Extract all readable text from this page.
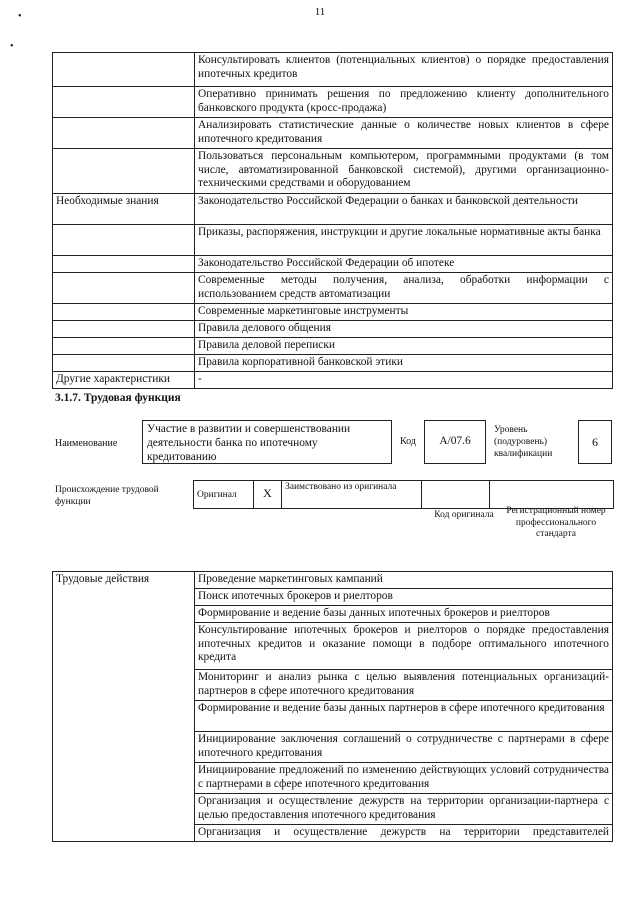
11
•
•
	Консультировать клиентов (потенциальных клиентов) о порядке предоставления ипотечных кредитов
	Оперативно принимать решения по предложению клиенту дополнительного банковского продукта (кросс-продажа)
	Анализировать статистические данные о количестве новых клиентов в сфере ипотечного кредитования
	Пользоваться персональным компьютером, программными продуктами (в том числе, автоматизированной банковской системой), другими организационно-техническими средствами и оборудованием
Необходимые знания	Законодательство Российской Федерации о банках и банковской деятельности
	Приказы, распоряжения, инструкции и другие локальные нормативные акты банка
	Законодательство Российской Федерации об ипотеке
	Современные методы получения, анализа, обработки информации с использованием средств автоматизации
	Современные маркетинговые инструменты
	Правила делового общения
	Правила деловой переписки
	Правила корпоративной банковской этики
Другие характеристики	-
3.1.7. Трудовая функция
Наименование
Участие в развитии и совершенствовании деятельности банка по ипотечному кредитованию
Код	A/07.6
Уровень (подуровень) квалификации
6
Происхождение трудовой функции
Оригинал	X	Заимствовано из оригинала		
Код оригинала	Регистрационный номер профессионального стандарта
Трудовые действия	Проведение маркетинговых кампаний
Поиск ипотечных брокеров и риелторов
Формирование и ведение базы данных ипотечных брокеров и риелторов
Консультирование ипотечных брокеров и риелторов о порядке предоставления ипотечных кредитов и оказание помощи в подборе оптимального ипотечного кредита
Мониторинг и анализ рынка с целью выявления потенциальных организаций-партнеров в сфере ипотечного кредитования
Формирование и ведение базы данных партнеров в сфере ипотечного кредитования
Инициирование заключения соглашений о сотрудничестве с партнерами в сфере ипотечного кредитования
Инициирование предложений по изменению действующих условий сотрудничества с партнерами в сфере ипотечного кредитования
Организация и осуществление дежурств на территории организации-партнера с целью предоставления ипотечного кредитования
Организация и осуществление дежурств на территории представителей
